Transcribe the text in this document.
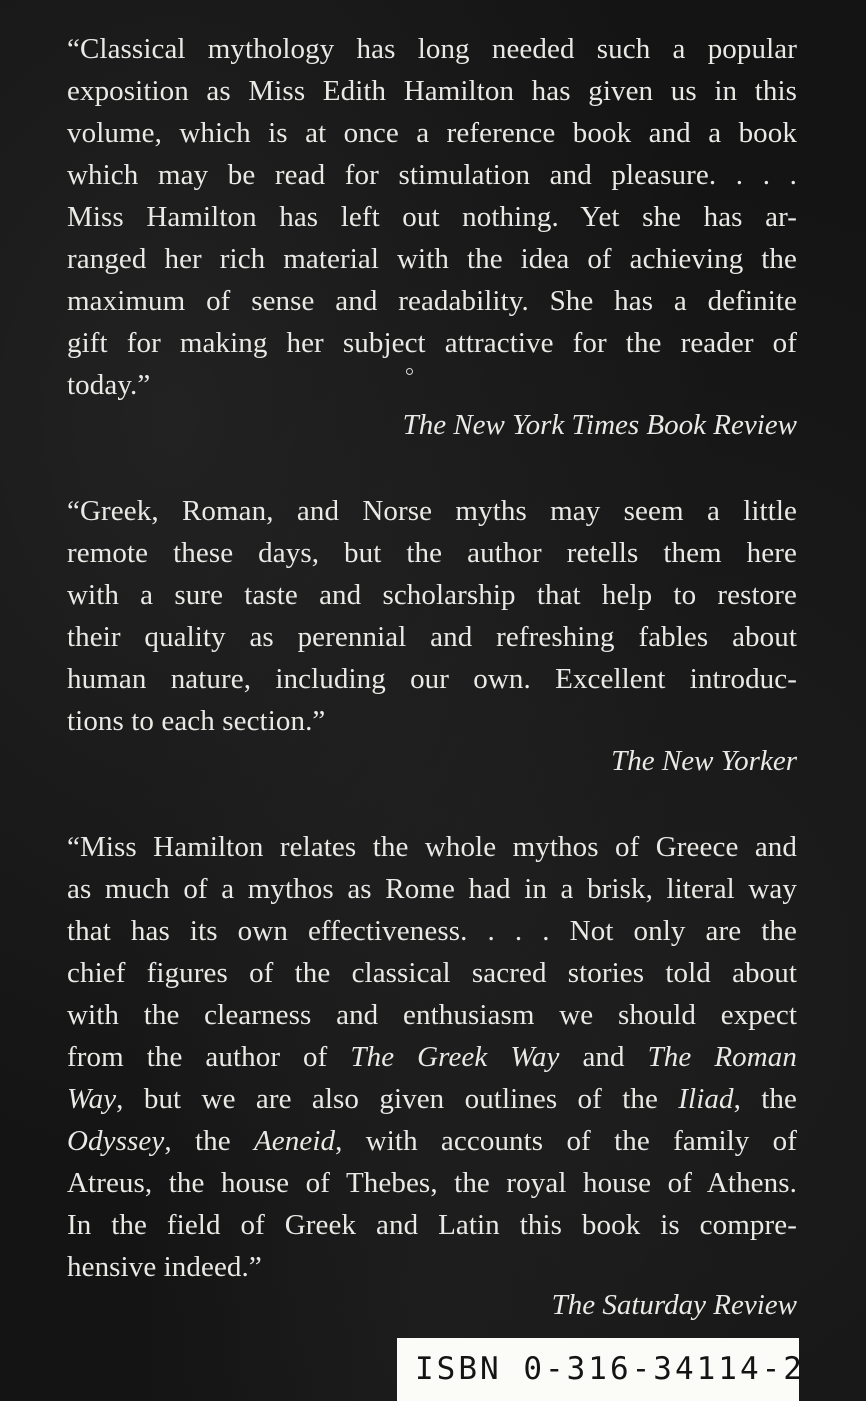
“Classical mythology has long needed such a popular
exposition as Miss Edith Hamilton has given us in this
volume, which is at once a reference book and a book
which may be read for stimulation and pleasure. . . .
Miss Hamilton has left out nothing. Yet she has ar-
ranged her rich material with the idea of achieving the
maximum of sense and readability. She has a definite
gift for making her subject attractive for the reader of
today.”
The New York Times Book Review
“Greek, Roman, and Norse myths may seem a little
remote these days, but the author retells them here
with a sure taste and scholarship that help to restore
their quality as perennial and refreshing fables about
human nature, including our own. Excellent introduc-
tions to each section.”
The New Yorker
“Miss Hamilton relates the whole mythos of Greece and
as much of a mythos as Rome had in a brisk, literal way
that has its own effectiveness. . . . Not only are the
chief figures of the classical sacred stories told about
with the clearness and enthusiasm we should expect
from the author of The Greek Way and The Roman
Way, but we are also given outlines of the Iliad, the
Odyssey, the Aeneid, with accounts of the family of
Atreus, the house of Thebes, the royal house of Athens.
In the field of Greek and Latin this book is compre-
hensive indeed.”
The Saturday Review
ISBN 0-316-34114-2
